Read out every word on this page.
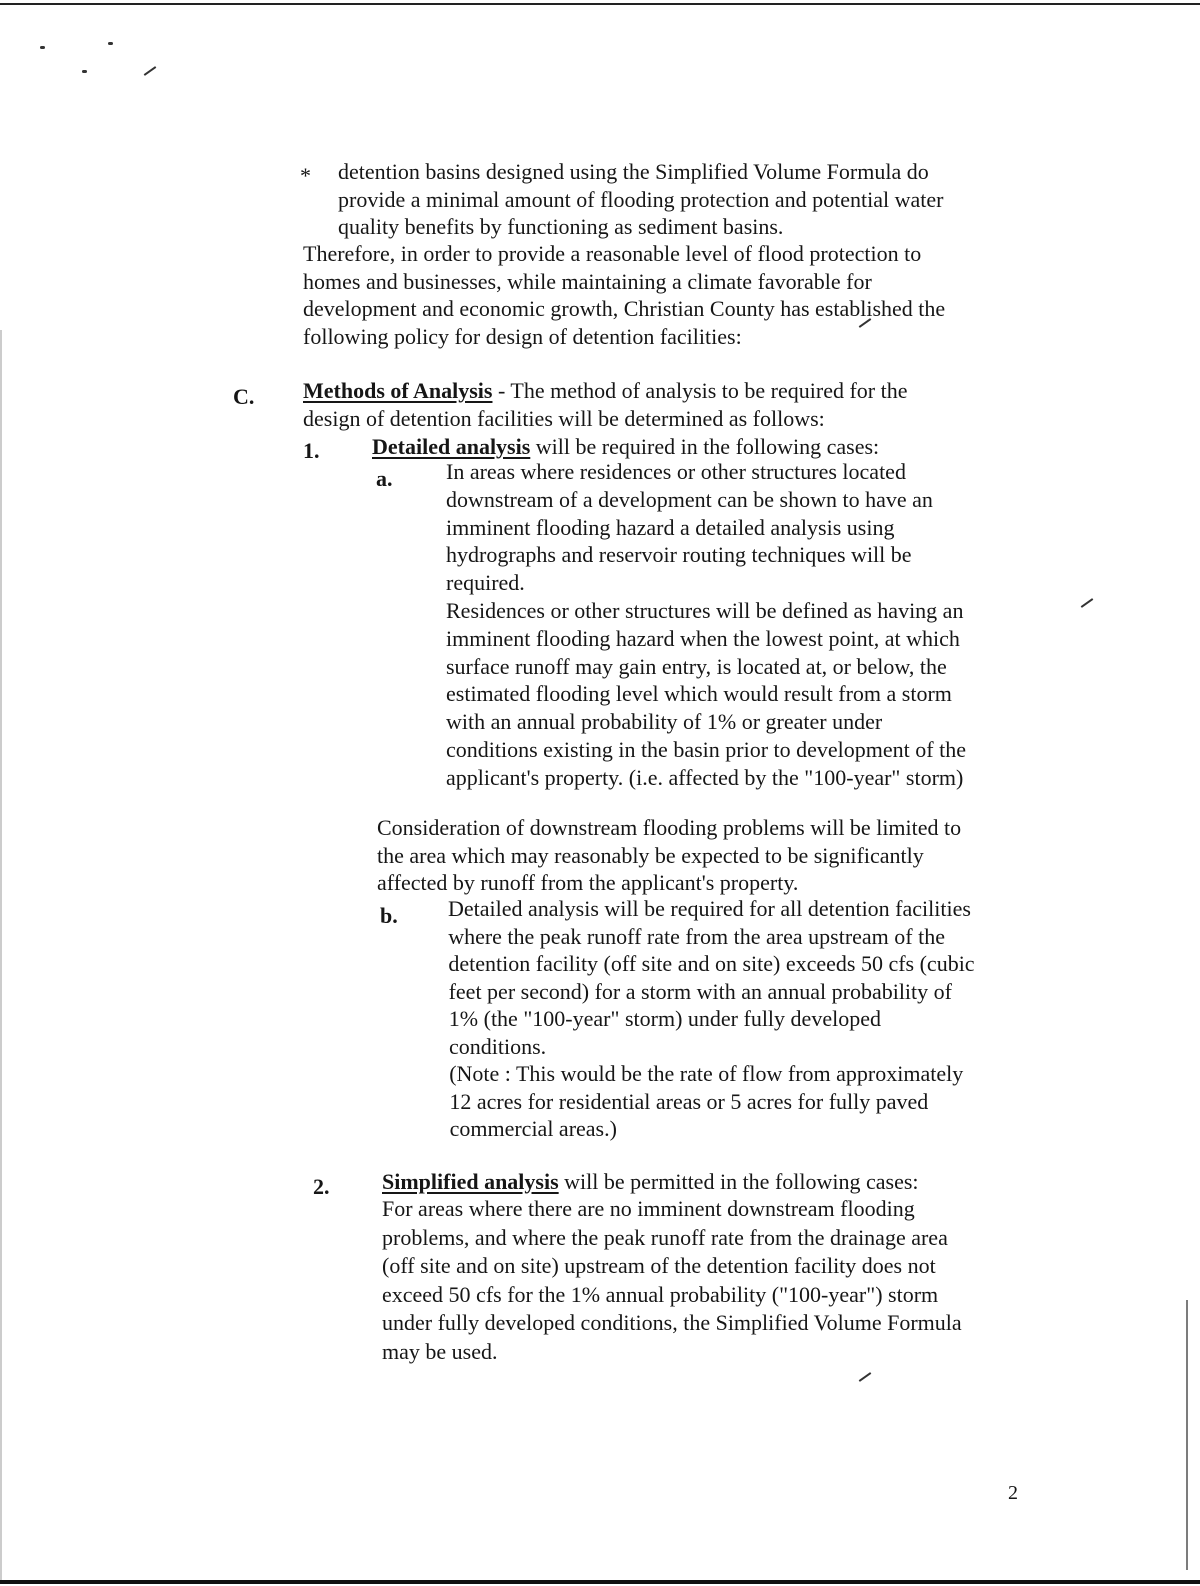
* detention basins designed using the Simplified Volume Formula do
provide a minimal amount of flooding protection and potential water
quality benefits by functioning as sediment basins.
Therefore, in order to provide a reasonable level of flood protection to
homes and businesses, while maintaining a climate favorable for
development and economic growth, Christian County has established the
following policy for design of detention facilities:
C. Methods of Analysis - The method of analysis to be required for the
design of detention facilities will be determined as follows:
1. Detailed analysis will be required in the following cases:
a. In areas where residences or other structures located
downstream of a development can be shown to have an
imminent flooding hazard a detailed analysis using
hydrographs and reservoir routing techniques will be
required.
Residences or other structures will be defined as having an
imminent flooding hazard when the lowest point, at which
surface runoff may gain entry, is located at, or below, the
estimated flooding level which would result from a storm
with an annual probability of 1% or greater under
conditions existing in the basin prior to development of the
applicant's property. (i.e. affected by the "100-year" storm)
Consideration of downstream flooding problems will be limited to
the area which may reasonably be expected to be significantly
affected by runoff from the applicant's property.
b. Detailed analysis will be required for all detention facilities
where the peak runoff rate from the area upstream of the
detention facility (off site and on site) exceeds 50 cfs (cubic
feet per second) for a storm with an annual probability of
1% (the "100-year" storm) under fully developed
conditions.
(Note : This would be the rate of flow from approximately
12 acres for residential areas or 5 acres for fully paved
commercial areas.)
2. Simplified analysis will be permitted in the following cases:
For areas where there are no imminent downstream flooding
problems, and where the peak runoff rate from the drainage area
(off site and on site) upstream of the detention facility does not
exceed 50 cfs for the 1% annual probability ("100-year") storm
under fully developed conditions, the Simplified Volume Formula
may be used.
2
